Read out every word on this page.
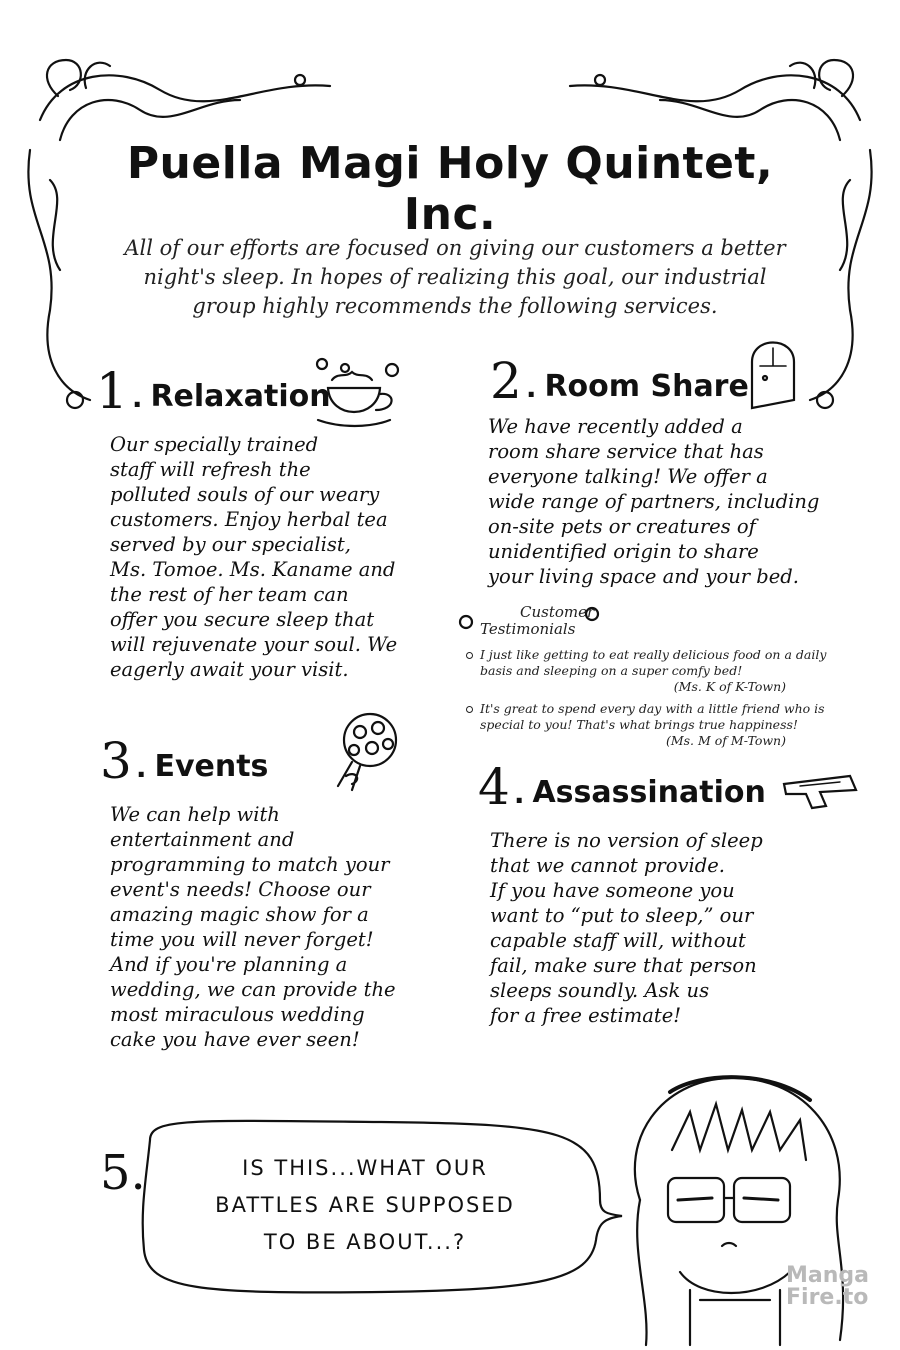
Puella Magi Holy Quintet, Inc.
All of our efforts are focused on giving our customers a better night's sleep. In hopes of realizing this goal, our industrial group highly recommends the following services.
1 . Relaxation

Our specially trained

staff will refresh the

polluted souls of our weary

customers. Enjoy herbal tea

served by our specialist,

Ms. Tomoe. Ms. Kaname and

the rest of her team can

offer you secure sleep that

will rejuvenate your soul. We

eagerly await your visit.

2 . Room Share

We have recently added a

room share service that has

everyone talking! We offer a

wide range of partners, including

on-site pets or creatures of

unidentified origin to share

your living space and your bed.

Customer
Testimonials
I just like getting to eat really delicious food on a daily basis and sleeping on a super comfy bed!
(Ms. K of K-Town)
It's great to spend every day with a little friend who is special to you! That's what brings true happiness!
(Ms. M of M-Town)
3 . Events

We can help with

entertainment and

programming to match your

event's needs! Choose our

amazing magic show for a

time you will never forget!

And if you're planning a

wedding, we can provide the

most miraculous wedding

cake you have ever seen!

4 . Assassination

There is no version of sleep

that we cannot provide.

If you have someone you

want to “put to sleep,” our

capable staff will, without

fail, make sure that person

sleeps soundly. Ask us

for a free estimate!

5.	IS THIS...WHAT OUR
BATTLES ARE SUPPOSED
TO BE ABOUT...?
Manga
Fire.to
